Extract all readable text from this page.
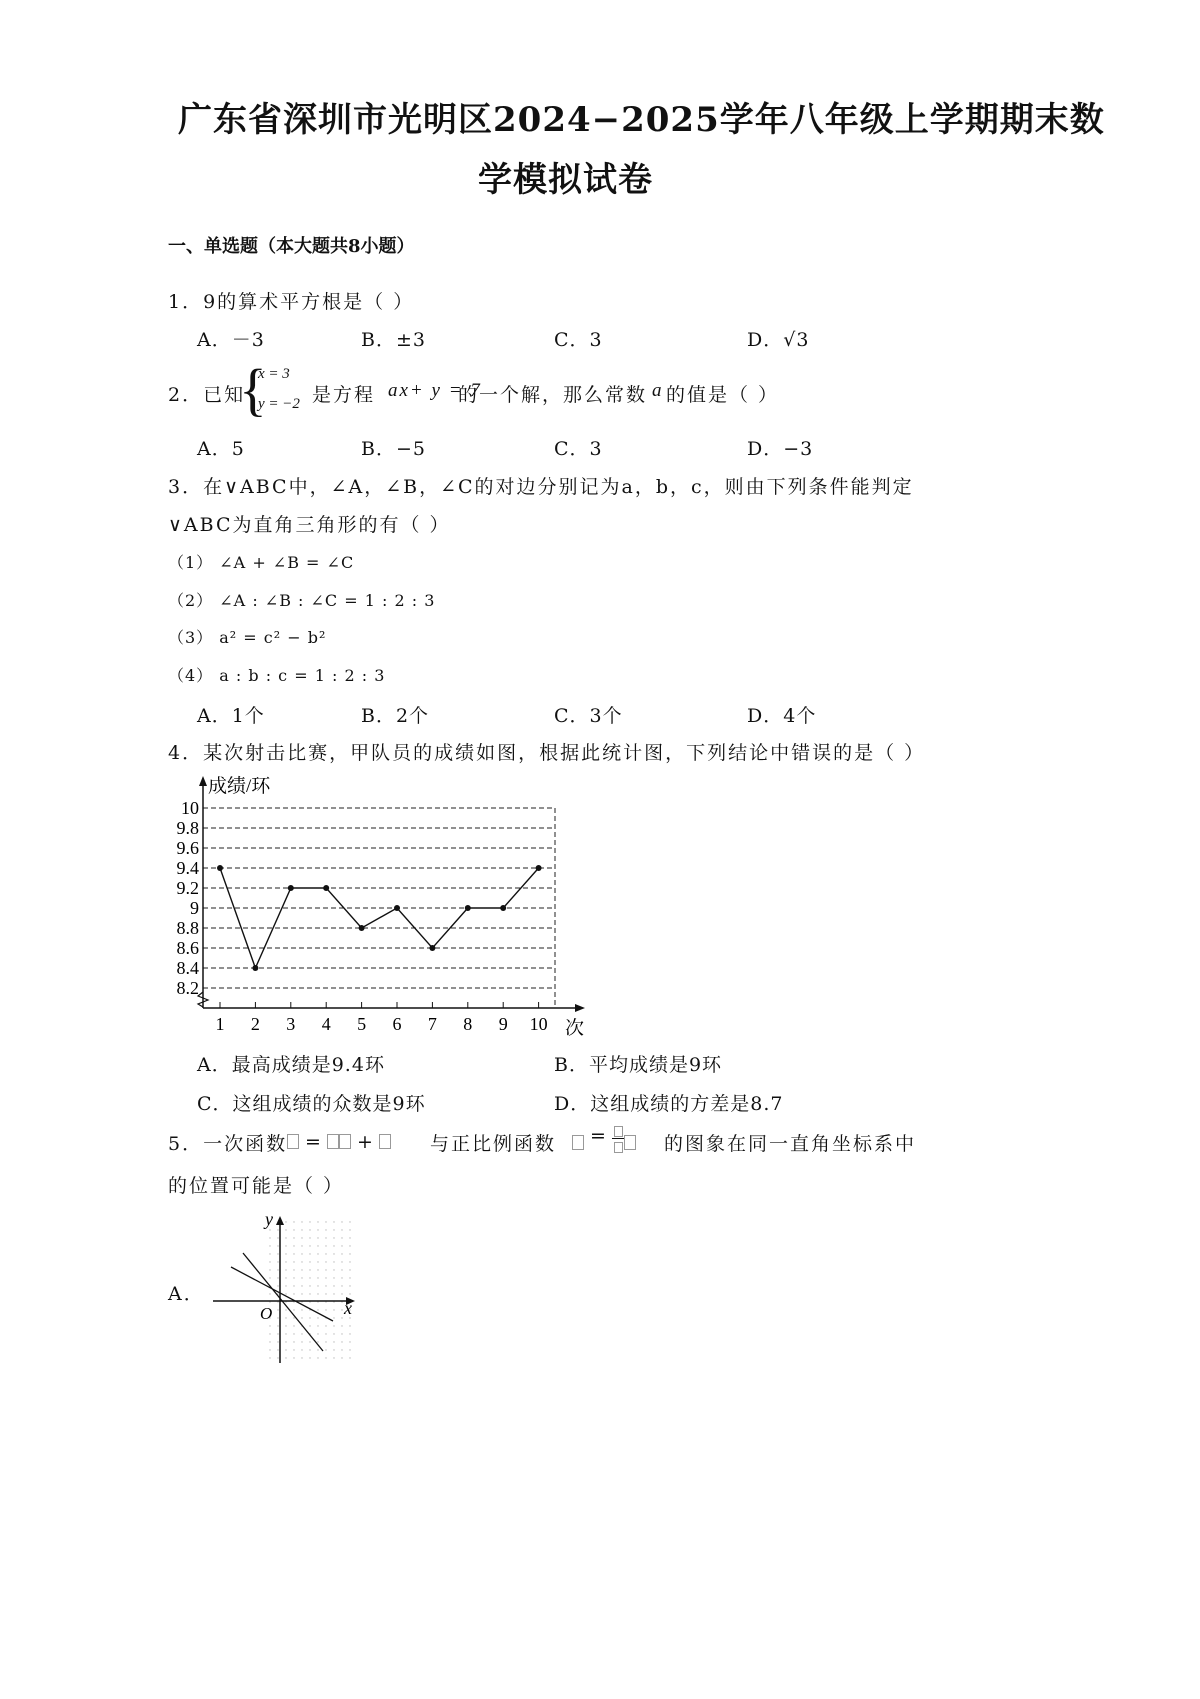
广东省深圳市光明区2024−2025学年八年级上学期期末数
学模拟试卷
一、单选题（本大题共8小题）
1．9的算术平方根是（ ）
A．－3	B．±3	C．3	D．√3
2．已知
{
x = 3
y = −2 是方程 ax+ y = 7
的一个解，那么常数 a 的值是（ ）
A．5	B．−5	C．3	D．−3
3．在∨ABC中，∠A，∠B，∠C的对边分别记为a，b，c，则由下列条件能判定
∨ABC为直角三角形的有（ ）
（1） ∠A + ∠B = ∠C
（2） ∠A : ∠B : ∠C = 1 : 2 : 3
（3） a² = c² − b²
（4） a : b : c = 1 : 2 : 3
A．1个	B．2个	C．3个	D．4个
4．某次射击比赛，甲队员的成绩如图，根据此统计图，下列结论中错误的是（ ）
10
9.8
9.6
9.4
9.2
9
8.8
8.6
8.4
8.2
1 2 3 4 5 6 7 8 9 10
成绩/环
次
A．最高成绩是9.4环	B．平均成绩是9环
C．这组成绩的众数是9环	D．这组成绩的方差是8.7
5．一次函数 =  +	与正比例函数	=	的图象在同一直角坐标系中
的位置可能是（ ）
A．
y
x
O
